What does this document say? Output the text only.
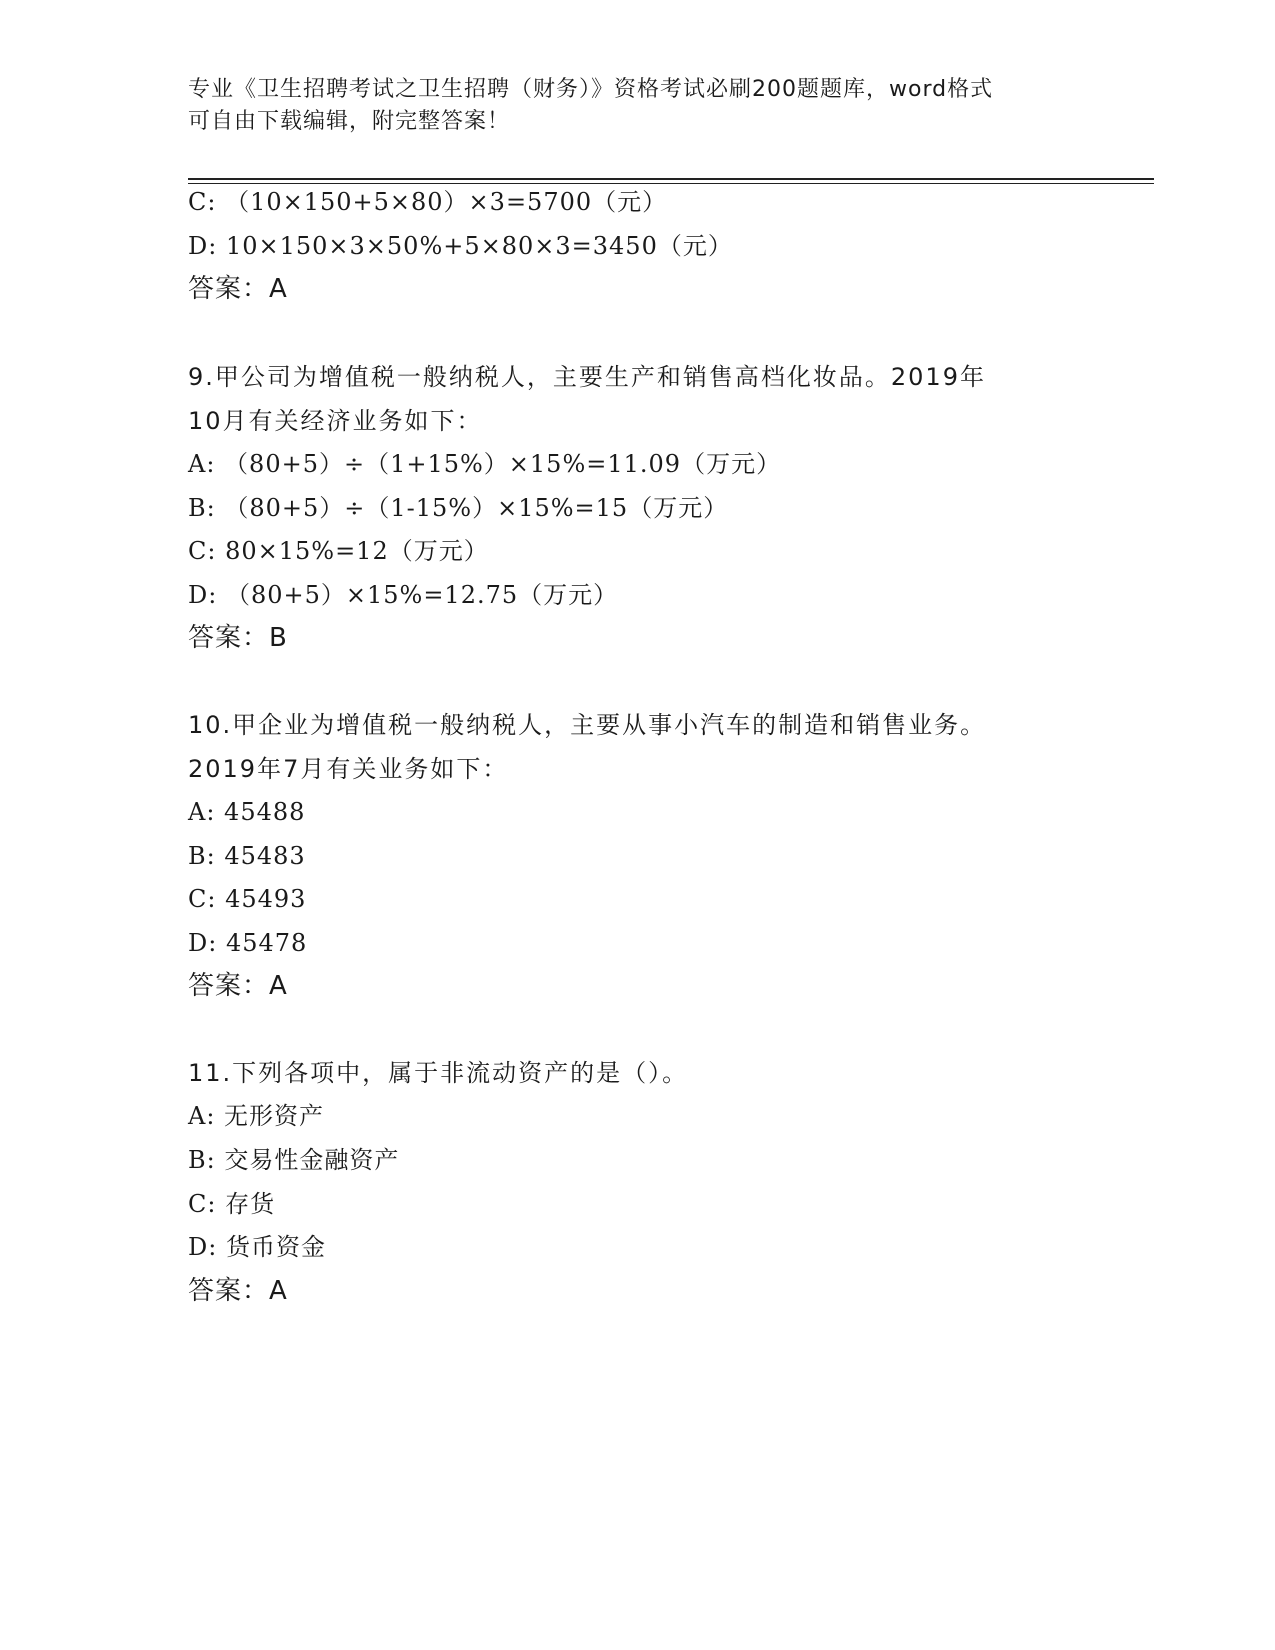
专业《卫生招聘考试之卫生招聘（财务）》资格考试必刷200题题库，word格式
可自由下载编辑，附完整答案！
C: （10×150+5×80）×3=5700（元）
D: 10×150×3×50%+5×80×3=3450（元）
答案：A
9.甲公司为增值税一般纳税人，主要生产和销售高档化妆品。2019年
10月有关经济业务如下：
A: （80+5）÷（1+15%）×15%=11.09（万元）
B: （80+5）÷（1-15%）×15%=15（万元）
C: 80×15%=12（万元）
D: （80+5）×15%=12.75（万元）
答案：B
10.甲企业为增值税一般纳税人，主要从事小汽车的制造和销售业务。
2019年7月有关业务如下：
A: 45488
B: 45483
C: 45493
D: 45478
答案：A
11.下列各项中，属于非流动资产的是（）。
A: 无形资产
B: 交易性金融资产
C: 存货
D: 货币资金
答案：A
